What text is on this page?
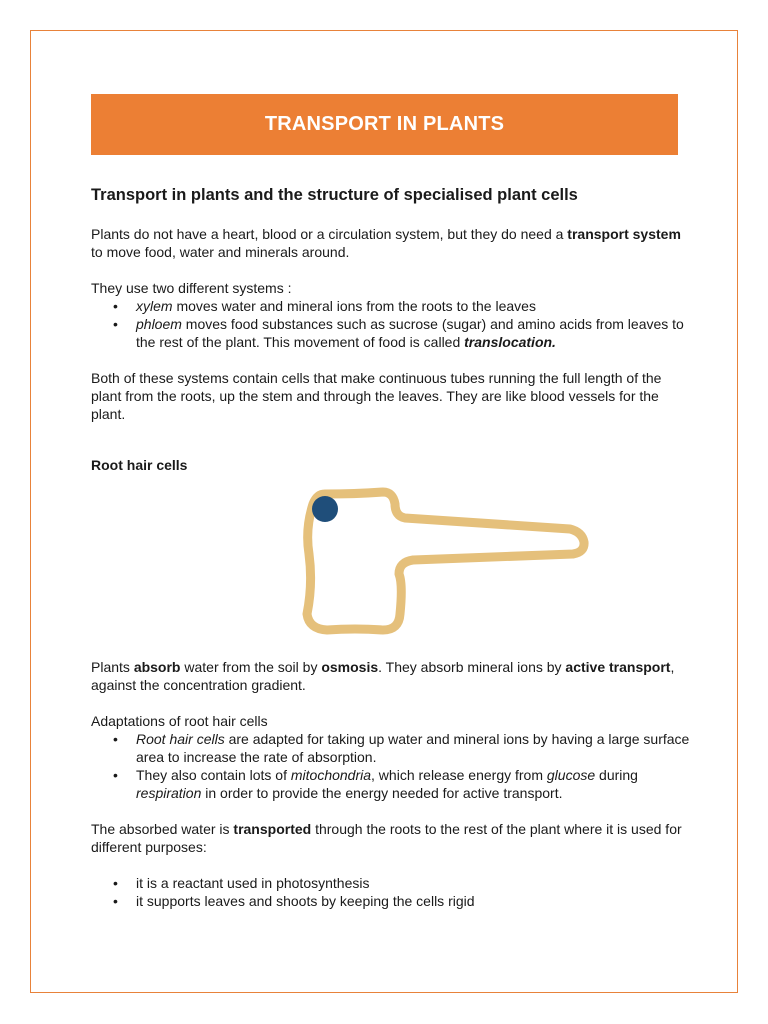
TRANSPORT IN PLANTS

Transport in plants and the structure of specialised plant cells

Plants do not have a heart, blood or a circulation system, but they do need a transport system to move food, water and minerals around.

They use two different systems :

• xylem moves water and mineral ions from the roots to the leaves
• phloem moves food substances such as sucrose (sugar) and amino acids from leaves to the rest of the plant. This movement of food is called translocation.

Both of these systems contain cells that make continuous tubes running the full length of the plant from the roots, up the stem and through the leaves. They are like blood vessels for the plant.

Root hair cells

Plants absorb water from the soil by osmosis. They absorb mineral ions by active transport, against the concentration gradient.

Adaptations of root hair cells

• Root hair cells are adapted for taking up water and mineral ions by having a large surface area to increase the rate of absorption.
• They also contain lots of mitochondria, which release energy from glucose during respiration in order to provide the energy needed for active transport.

The absorbed water is transported through the roots to the rest of the plant where it is used for different purposes:

• it is a reactant used in photosynthesis
• it supports leaves and shoots by keeping the cells rigid
